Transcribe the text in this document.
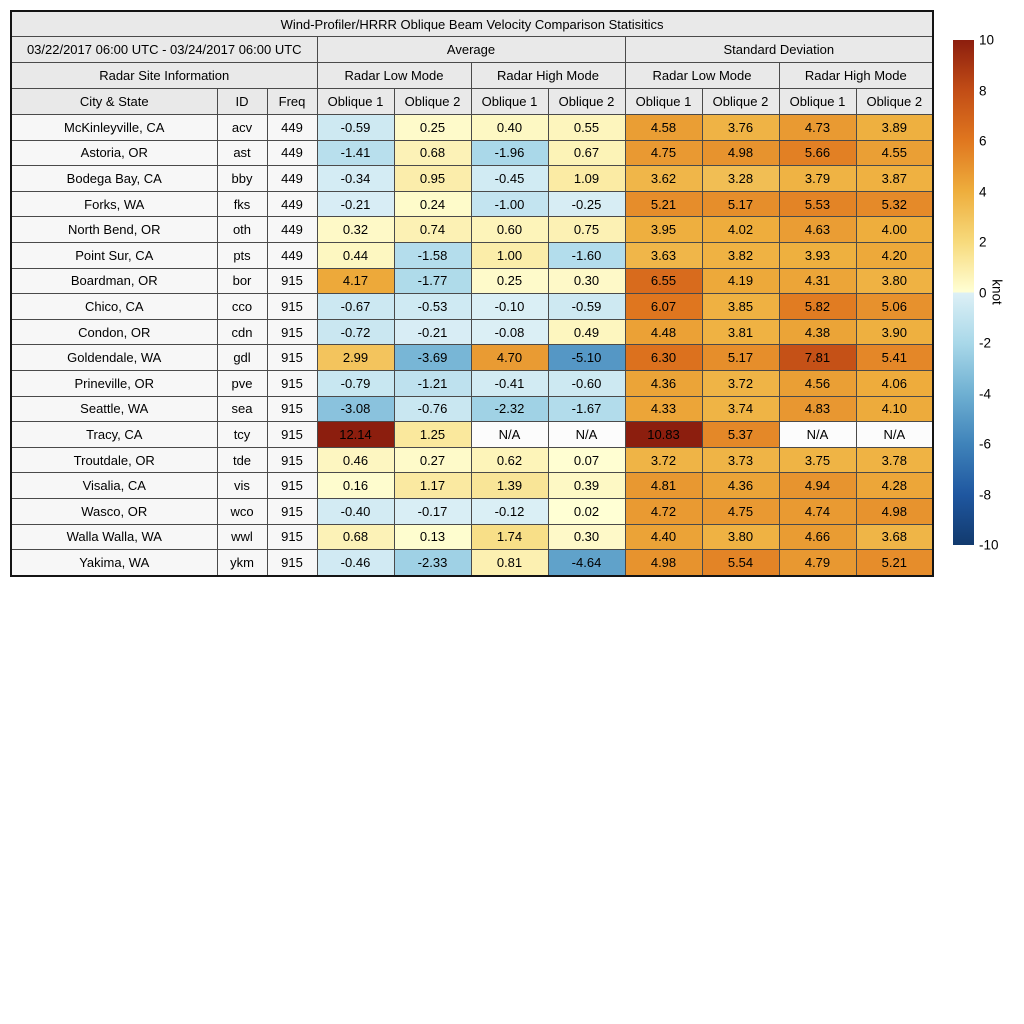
Wind-Profiler/HRRR Oblique Beam Velocity Comparison Statisitics										
03/22/2017 06:00 UTC - 03/24/2017 06:00 UTC			Average				Standard Deviation			
Radar Site Information			Radar Low Mode		Radar High Mode		Radar Low Mode		Radar High Mode	
City & State	ID	Freq	Oblique 1	Oblique 2	Oblique 1	Oblique 2	Oblique 1	Oblique 2	Oblique 1	Oblique 2
McKinleyville, CA	acv	449	-0.59	0.25	0.40	0.55	4.58	3.76	4.73	3.89
Astoria, OR	ast	449	-1.41	0.68	-1.96	0.67	4.75	4.98	5.66	4.55
Bodega Bay, CA	bby	449	-0.34	0.95	-0.45	1.09	3.62	3.28	3.79	3.87
Forks, WA	fks	449	-0.21	0.24	-1.00	-0.25	5.21	5.17	5.53	5.32
North Bend, OR	oth	449	0.32	0.74	0.60	0.75	3.95	4.02	4.63	4.00
Point Sur, CA	pts	449	0.44	-1.58	1.00	-1.60	3.63	3.82	3.93	4.20
Boardman, OR	bor	915	4.17	-1.77	0.25	0.30	6.55	4.19	4.31	3.80
Chico, CA	cco	915	-0.67	-0.53	-0.10	-0.59	6.07	3.85	5.82	5.06
Condon, OR	cdn	915	-0.72	-0.21	-0.08	0.49	4.48	3.81	4.38	3.90
Goldendale, WA	gdl	915	2.99	-3.69	4.70	-5.10	6.30	5.17	7.81	5.41
Prineville, OR	pve	915	-0.79	-1.21	-0.41	-0.60	4.36	3.72	4.56	4.06
Seattle, WA	sea	915	-3.08	-0.76	-2.32	-1.67	4.33	3.74	4.83	4.10
Tracy, CA	tcy	915	12.14	1.25	N/A	N/A	10.83	5.37	N/A	N/A
Troutdale, OR	tde	915	0.46	0.27	0.62	0.07	3.72	3.73	3.75	3.78
Visalia, CA	vis	915	0.16	1.17	1.39	0.39	4.81	4.36	4.94	4.28
Wasco, OR	wco	915	-0.40	-0.17	-0.12	0.02	4.72	4.75	4.74	4.98
Walla Walla, WA	wwl	915	0.68	0.13	1.74	0.30	4.40	3.80	4.66	3.68
Yakima, WA	ykm	915	-0.46	-2.33	0.81	-4.64	4.98	5.54	4.79	5.21
10
8
6
4
2
0
-2
-4
-6
-8
-10
knot
